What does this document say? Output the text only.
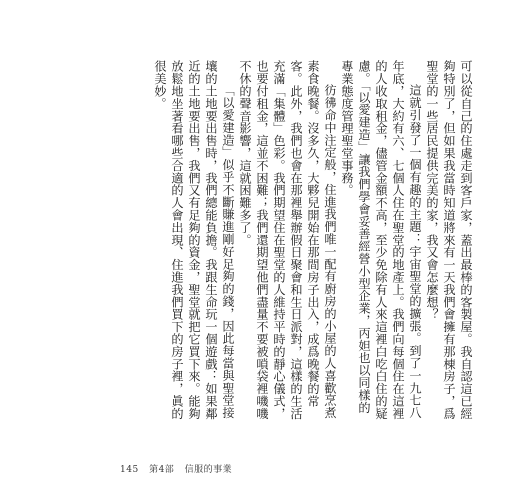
可以從自己的住處走到客戶家，蓋出最棒的客製屋。我自認這已經夠特別了，但如果我當時知道將來有一天我們會擁有那棟房子，爲聖堂的一些居民提供完美的家，我又會怎麼想？

這就引發了一個有趣的主題：宇宙聖堂的擴張。到了一九七八年底，大約有六、七個人住在聖堂的地產上。我們向每個住在這裡的人收取租金，儘管金額不高，至少免除有人來這裡白吃白住的疑慮。「以愛建造」讓我們學會妥善經營小型企業，丙妲也以同樣的專業態度管理聖堂事務。

彷彿命中注定般，住進我們唯一配有廚房的小屋的人喜歡烹煮素食晚餐。沒多久，大夥兒開始在那間房子出入，成爲晚餐的常客。此外，我們也會在那裡舉辦假日聚會和生日派對，這樣的生活充滿「集體」色彩。我們期望住在聖堂的人維持平時的靜心儀式，也要付租金，這並不困難；我們還期望他們盡量不要被嗩袋裡嘰嘰不休的聲音影響，這就困難多了。

「以愛建造」似乎不斷賺進剛好足夠的錢，因此每當與聖堂接壤的土地要出售時，我們總能負擔。我跟生命玩一個遊戲：如果鄰近的土地要出售，我們又有足夠的資金，聖堂就把它買下來。能夠放鬆地坐著看哪些合適的人會出現、住進我們買下的房子裡，眞的很美妙。

145 第4部 信服的事業
